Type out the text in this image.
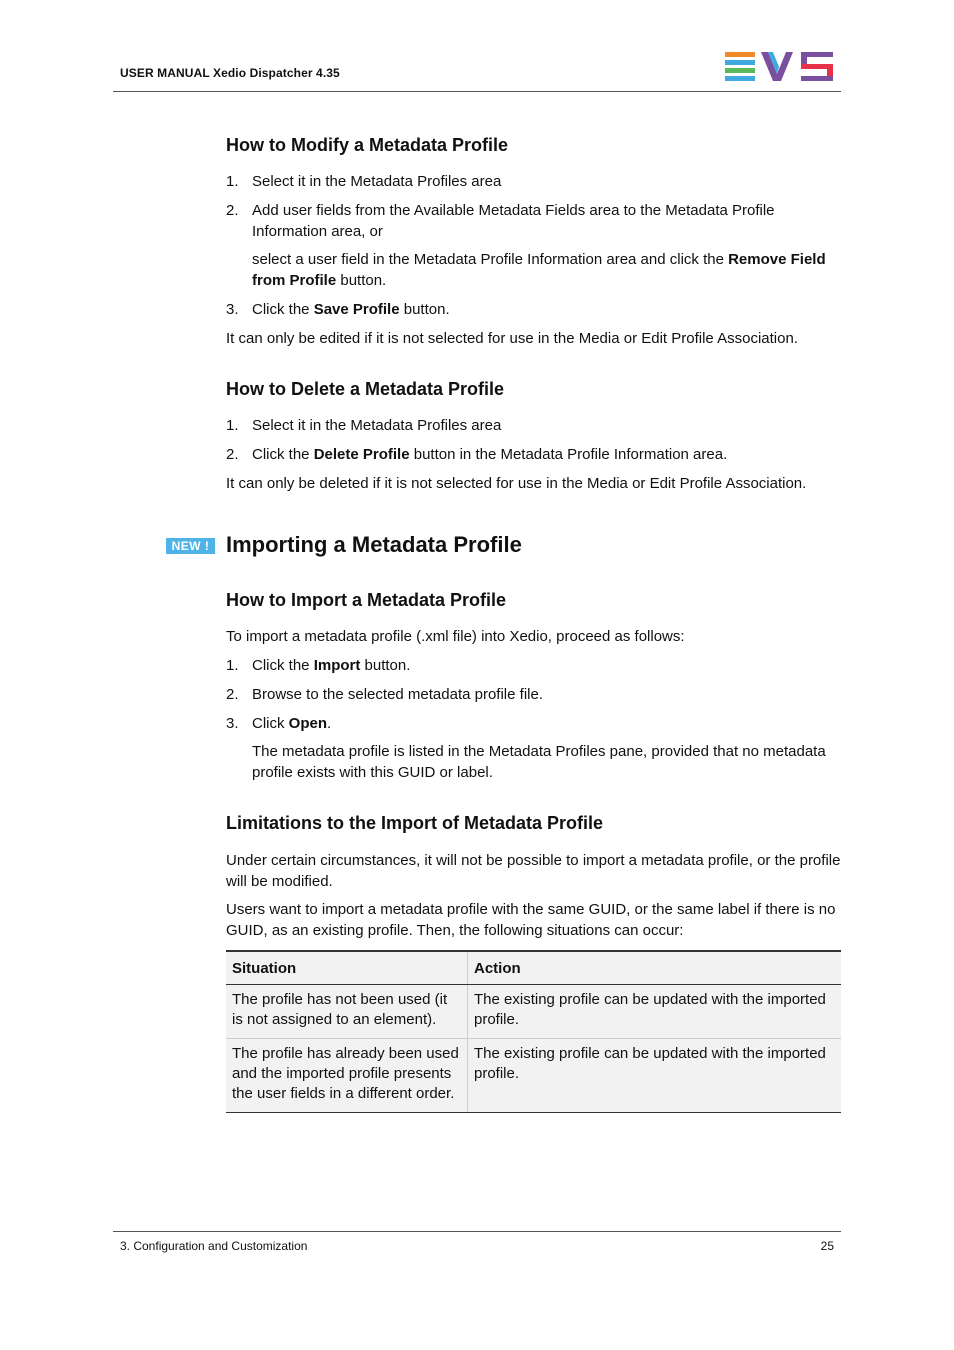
USER MANUAL Xedio Dispatcher 4.35
How to Modify a Metadata Profile
1. Select it in the Metadata Profiles area
2. Add user fields from the Available Metadata Fields area to the Metadata Profile Information area, or
select a user field in the Metadata Profile Information area and click the Remove Field from Profile button.
3. Click the Save Profile button.

It can only be edited if it is not selected for use in the Media or Edit Profile Association.

How to Delete a Metadata Profile
1. Select it in the Metadata Profiles area
2. Click the Delete Profile button in the Metadata Profile Information area.

It can only be deleted if it is not selected for use in the Media or Edit Profile Association.

Importing a Metadata Profile
How to Import a Metadata Profile

To import a metadata profile (.xml file) into Xedio, proceed as follows:

1. Click the Import button.
2. Browse to the selected metadata profile file.
3. Click Open.
The metadata profile is listed in the Metadata Profiles pane, provided that no metadata profile exists with this GUID or label.
Limitations to the Import of Metadata Profile

Under certain circumstances, it will not be possible to import a metadata profile, or the profile will be modified.

Users want to import a metadata profile with the same GUID, or the same label if there is no GUID, as an existing profile. Then, the following situations can occur:

NEW !
Situation	Action
The profile has not been used (it is not assigned to an element).	The existing profile can be updated with the imported profile.
The profile has already been used and the imported profile presents the user fields in a different order.	The existing profile can be updated with the imported profile.
3. Configuration and Customization	25
